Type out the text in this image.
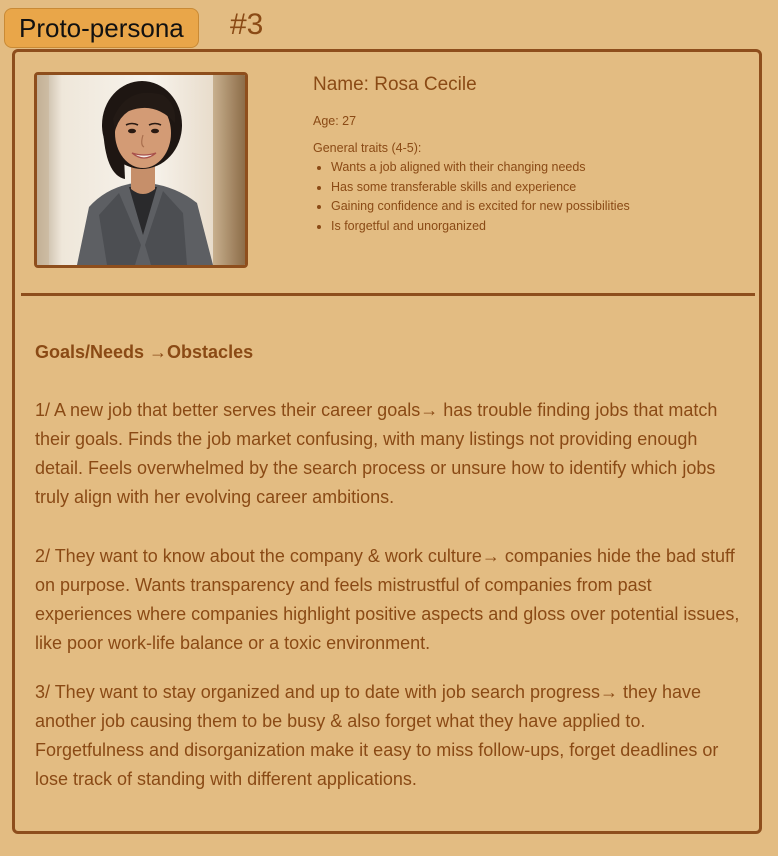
Proto-persona #3

Name: Rosa Cecile

Age: 27
General traits (4-5):
• Wants a job aligned with their changing needs
• Has some transferable skills and experience
• Gaining confidence and is excited for new possibilities
• Is forgetful and unorganized
Goals/Needs →Obstacles

1/ A new job that better serves their career goals→ has trouble finding jobs that match their goals. Finds the job market confusing, with many listings not providing enough detail. Feels overwhelmed by the search process or unsure how to identify which jobs truly align with her evolving career ambitions.

2/ They want to know about the company & work culture→ companies hide the bad stuff on purpose. Wants transparency and feels mistrustful of companies from past experiences where companies highlight positive aspects and gloss over potential issues, like poor work-life balance or a toxic environment.

3/ They want to stay organized and up to date with job search progress→ they have another job causing them to be busy & also forget what they have applied to. Forgetfulness and disorganization make it easy to miss follow-ups, forget deadlines or lose track of standing with different applications.
